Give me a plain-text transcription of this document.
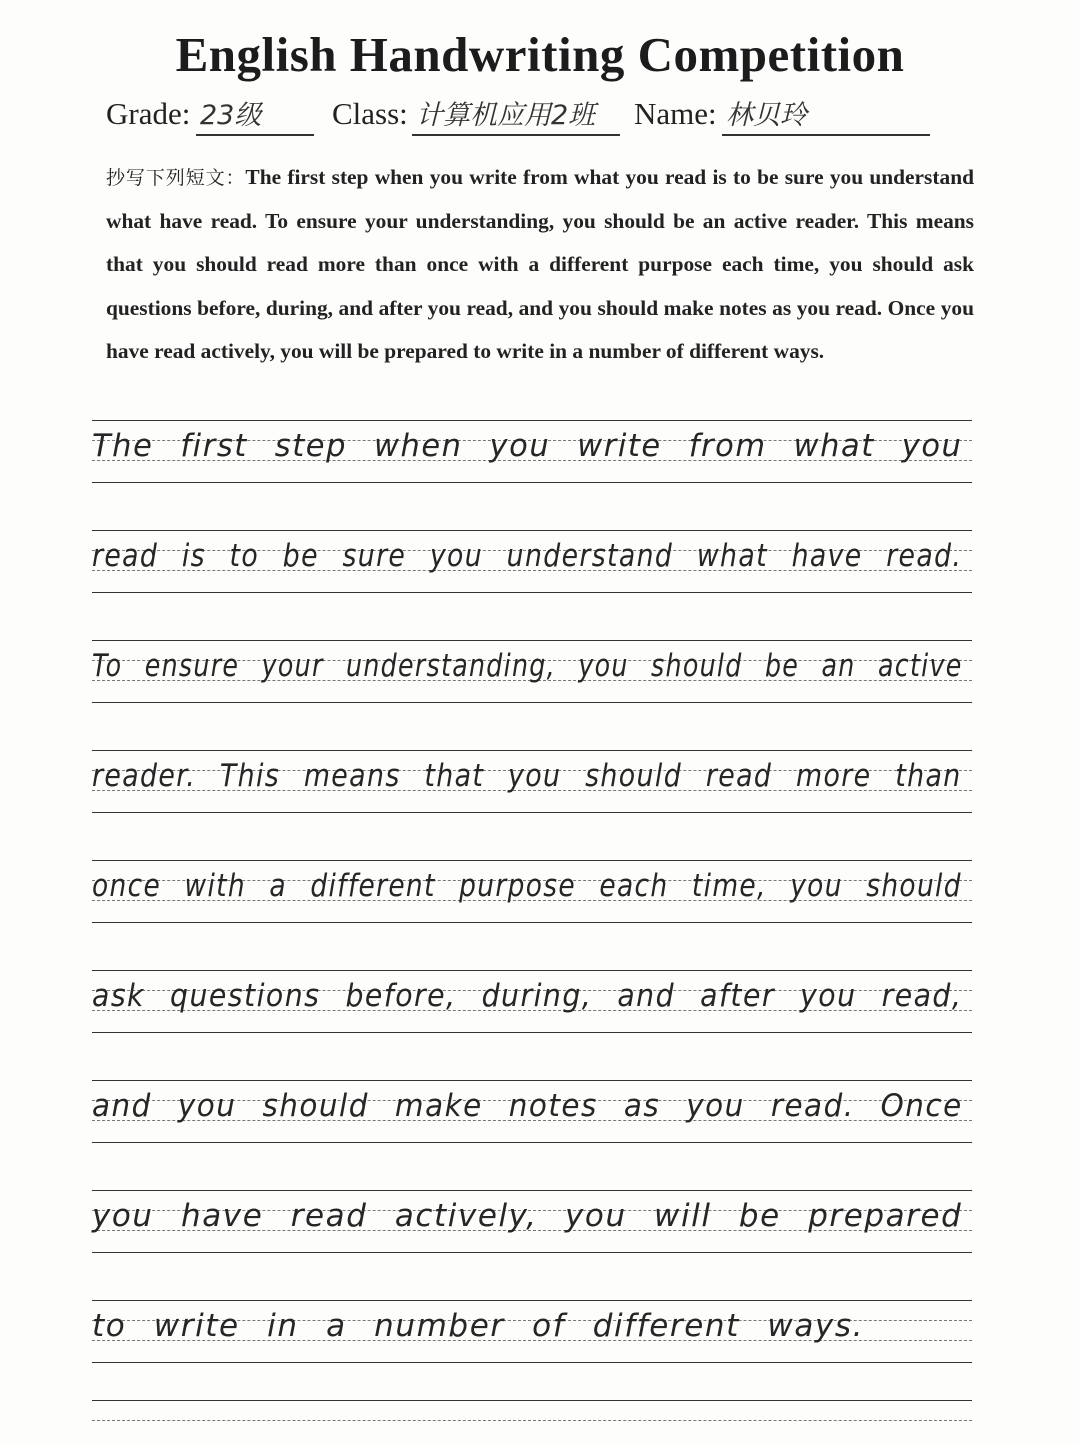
English Handwriting Competition
Grade: 23级	Class: 计算机应用2班	Name: 林贝玲
抄写下列短文：The first step when you write from what you read is to be sure you understand what have read. To ensure your understanding, you should be an active reader. This means that you should read more than once with a different purpose each time, you should ask questions before, during, and after you read, and you should make notes as you read. Once you have read actively, you will be prepared to write in a number of different ways.
The first step when you write from what you
read is to be sure you understand what have read.
To ensure your understanding, you should be an active
reader. This means that you should read more than
once with a different purpose each time, you should
ask questions before, during, and after you read,
and you should make notes as you read. Once
you have read actively, you will be prepared
to write in a number of different ways.
